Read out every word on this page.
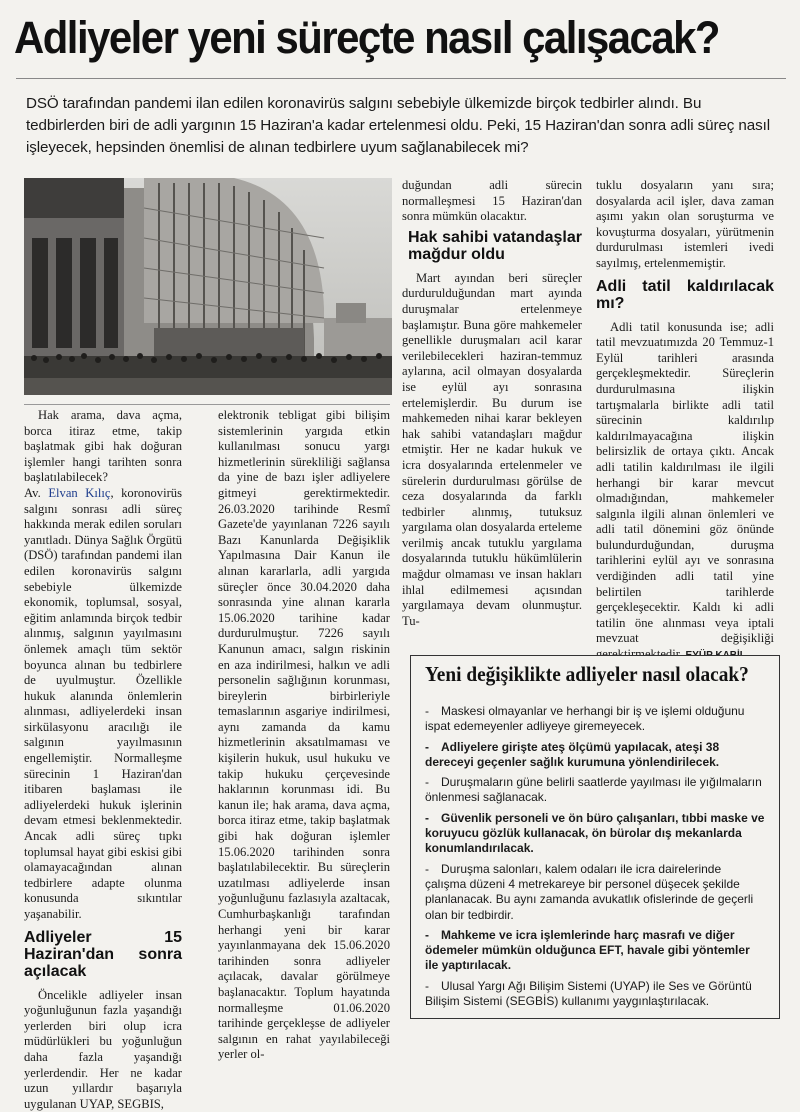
Adliyeler yeni süreçte nasıl çalışacak?

DSÖ tarafından pandemi ilan edilen koronavirüs salgını sebebiyle ülkemizde birçok tedbirler alındı. Bu tedbirlerden biri de adli yargının 15 Haziran'a kadar ertelenmesi oldu. Peki, 15 Haziran'dan sonra adli süreç nasıl işleyecek, hepsinden önemlisi de alınan tedbirlere uyum sağlanabilecek mi?

Hak arama, dava açma, borca itiraz etme, takip başlatmak gibi hak doğuran işlemler hangi tarihten sonra başlatılabilecek?

Av. Elvan Kılıç, koronovirüs salgını sonrası adli süreç hakkında merak edilen soruları yanıtladı. Dünya Sağlık Örgütü (DSÖ) tarafından pandemi ilan edilen koronavirüs salgını sebebiyle ülkemizde ekonomik, toplumsal, sosyal, eğitim anlamında birçok tedbir alınmış, salgının yayılmasını önlemek amaçlı tüm sektör boyunca alınan bu tedbirlere de uyulmuştur. Özellikle hukuk alanında önlemlerin alınması, adliyelerdeki insan sirkülasyonu aracılığı ile salgının yayılmasının engellemiştir. Normalleşme sürecinin 1 Haziran'dan itibaren başlaması ile adliyelerdeki hukuk işlerinin devam etmesi beklenmektedir. Ancak adli süreç tıpkı toplumsal hayat gibi eskisi gibi olamayacağından alınan tedbirlere adapte olunma konusunda sıkıntılar yaşanabilir.

Adliyeler 15 Haziran'dan sonra açılacak

Öncelikle adliyeler insan yoğunluğunun fazla yaşandığı yerlerden biri olup icra müdürlükleri bu yoğunluğun daha fazla yaşandığı yerlerdendir. Her ne kadar uzun yıllardır başarıyla uygulanan UYAP, SEGBIS,

elektronik tebligat gibi bilişim sistemlerinin yargıda etkin kullanılması sonucu yargı hizmetlerinin sürekliliği sağlansa da yine de bazı işler adliyelere gitmeyi gerektirmektedir. 26.03.2020 tarihinde Resmî Gazete'de yayınlanan 7226 sayılı Bazı Kanunlarda Değişiklik Yapılmasına Dair Kanun ile alınan kararlarla, adli yargıda süreçler önce 30.04.2020 daha sonrasında yine alınan kararla 15.06.2020 tarihine kadar durdurulmuştur. 7226 sayılı Kanunun amacı, salgın riskinin en aza indirilmesi, halkın ve adli personelin sağlığının korunması, bireylerin birbirleriyle temaslarının asgariye indirilmesi, aynı zamanda da kamu hizmetlerinin aksatılmaması ve kişilerin hukuk, usul hukuku ve takip hukuku çerçevesinde haklarının korunması idi. Bu kanun ile; hak arama, dava açma, borca itiraz etme, takip başlatmak gibi hak doğuran işlemler 15.06.2020 tarihinden sonra başlatılabilecektir. Bu süreçlerin uzatılması adliyelerde insan yoğunluğunu fazlasıyla azaltacak, Cumhurbaşkanlığı tarafından herhangi yeni bir karar yayınlanmayana dek 15.06.2020 tarihinden sonra adliyeler açılacak, davalar görülmeye başlanacaktır. Toplum hayatında normalleşme 01.06.2020 tarihinde gerçekleşse de adliyeler salgının en rahat yayılabileceği yerler ol-

duğundan adli sürecin normalleşmesi 15 Haziran'dan sonra mümkün olacaktır.

Hak sahibi vatandaşlar mağdur oldu

Mart ayından beri süreçler durdurulduğundan mart ayında duruşmalar ertelenmeye başlamıştır. Buna göre mahkemeler genellikle duruşmaları acil karar verilebilecekleri haziran-temmuz aylarına, acil olmayan dosyalarda ise eylül ayı sonrasına ertelemişlerdir. Bu durum ise mahkemeden nihai karar bekleyen hak sahibi vatandaşları mağdur etmiştir. Her ne kadar hukuk ve icra dosyalarında ertelenmeler ve sürelerin durdurulması görülse de ceza dosyalarında da farklı tedbirler alınmış, tutuksuz yargılama olan dosyalarda erteleme verilmiş ancak tutuklu yargılama dosyalarında tutuklu hükümlülerin mağdur olmaması ve insan hakları ihlal edilmemesi açısından yargılamaya devam olunmuştur. Tu-

tuklu dosyaların yanı sıra; dosyalarda acil işler, dava zaman aşımı yakın olan soruşturma ve kovuşturma dosyaları, yürütmenin durdurulması istemleri ivedi sayılmış, ertelenmemiştir.

Adli tatil kaldırılacak mı?

Adli tatil konusunda ise; adli tatil mevzuatımızda 20 Temmuz-1 Eylül tarihleri arasında gerçekleşmektedir. Süreçlerin durdurulmasına ilişkin tartışmalarla birlikte adli tatil sürecinin kaldırılıp kaldırılmayacağına ilişkin belirsizlik de ortaya çıktı. Ancak adli tatilin kaldırılması ile ilgili herhangi bir karar mevcut olmadığından, mahkemeler salgınla ilgili alınan önlemleri ve adli tatil dönemini göz önünde bulundurduğundan, duruşma tarihlerini eylül ayı ve sonrasına verdiğinden adli tatil yine belirtilen tarihlerde gerçekleşecektir. Kaldı ki adli tatilin öne alınması veya iptali mevzuat değişikliği

Yeni değişiklikte adliyeler nasıl olacak?
- Maskesi olmayanlar ve herhangi bir iş ve işlemi olduğunu ispat edemeyenler adliyeye giremeyecek.
- Adliyelere girişte ateş ölçümü yapılacak, ateşi 38 dereceyi geçenler sağlık kurumuna yönlendirilecek.
- Duruşmaların güne belirli saatlerde yayılması ile yığılmaların önlenmesi sağlanacak.
- Güvenlik personeli ve ön büro çalışanları, tıbbi maske ve koruyucu gözlük kullanacak, ön bürolar dış mekanlarda konumlandırılacak.
- Duruşma salonları, kalem odaları ile icra dairelerinde çalışma düzeni 4 metrekareye bir personel düşecek şekilde planlanacak. Bu aynı zamanda avukatlık ofislerinde de geçerli olan bir tedbirdir.
- Mahkeme ve icra işlemlerinde harç masrafı ve diğer ödemeler mümkün olduğunca EFT, havale gibi yöntemler ile yaptırılacak.
- Ulusal Yargı Ağı Bilişim Sistemi (UYAP) ile Ses ve Görüntü Bilişim Sistemi (SEGBİS) kullanımı yaygınlaştırılacak.
